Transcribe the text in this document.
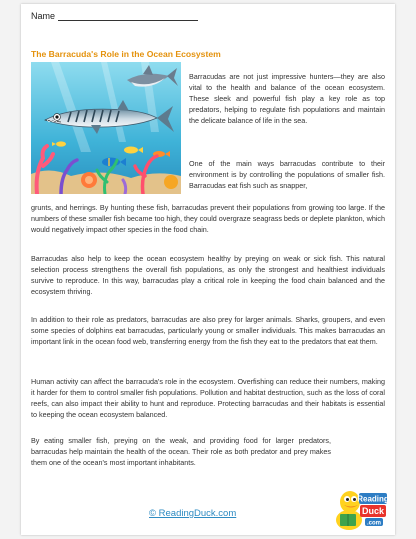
Name
The Barracuda's Role in the Ocean Ecosystem

Barracudas are not just impressive hunters—they are also vital to the health and balance of the ocean ecosystem. These sleek and powerful fish play a key role as top predators, helping to regulate fish populations and maintain the delicate balance of life in the sea.

One of the main ways barracudas contribute to their environment is by controlling the populations of smaller fish. Barracudas eat fish such as snapper,

grunts, and herrings. By hunting these fish, barracudas prevent their populations from growing too large. If the numbers of these smaller fish became too high, they could overgraze seagrass beds or deplete plankton, which would negatively impact other species in the food chain.

Barracudas also help to keep the ocean ecosystem healthy by preying on weak or sick fish. This natural selection process strengthens the overall fish populations, as only the strongest and healthiest individuals survive to reproduce. In this way, barracudas play a critical role in keeping the food chain balanced and the ecosystem thriving.

In addition to their role as predators, barracudas are also prey for larger animals. Sharks, groupers, and even some species of dolphins eat barracudas, particularly young or smaller individuals. This makes barracudas an important link in the ocean food web, transferring energy from the fish they eat to the predators that eat them.

Human activity can affect the barracuda's role in the ecosystem. Overfishing can reduce their numbers, making it harder for them to control smaller fish populations. Pollution and habitat destruction, such as the loss of coral reefs, can also impact their ability to hunt and reproduce. Protecting barracudas and their habitats is essential to keeping the ocean ecosystem balanced.

By eating smaller fish, preying on the weak, and providing food for larger predators, barracudas help maintain the health of the ocean. Their role as both predator and prey makes them one of the ocean's most important inhabitants.

© ReadingDuck.com
Reading
Duck
.com
